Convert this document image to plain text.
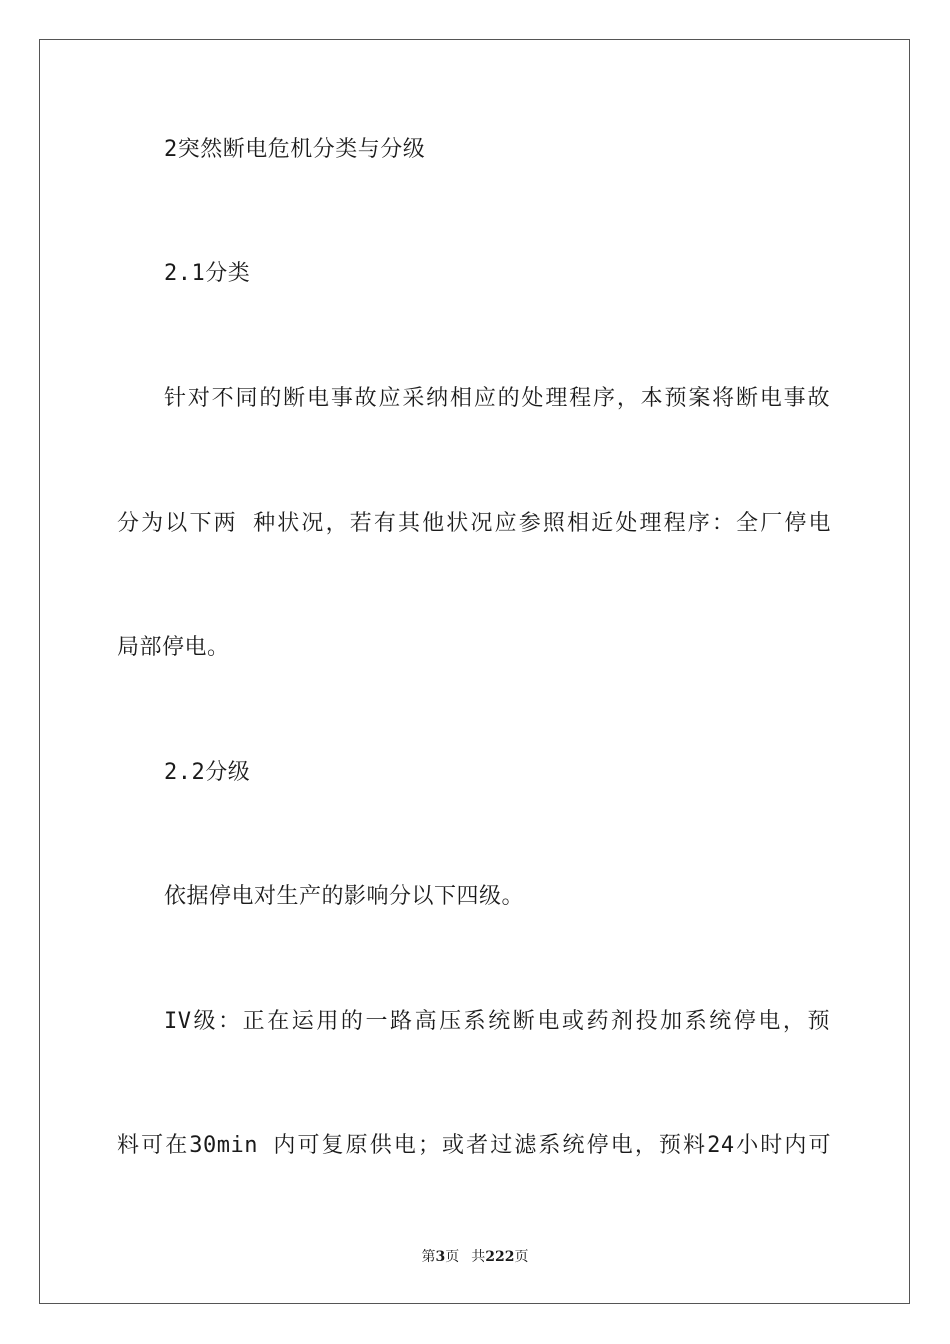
2突然断电危机分类与分级
2.1分类
针对不同的断电事故应采纳相应的处理程序，本预案将断电事故
分为以下两 种状况，若有其他状况应参照相近处理程序：全厂停电
局部停电。
2.2分级
依据停电对生产的影响分以下四级。
IV级：正在运用的一路高压系统断电或药剂投加系统停电，预
料可在30min 内可复原供电；或者过滤系统停电，预料24小时内可
第3页 共222页
